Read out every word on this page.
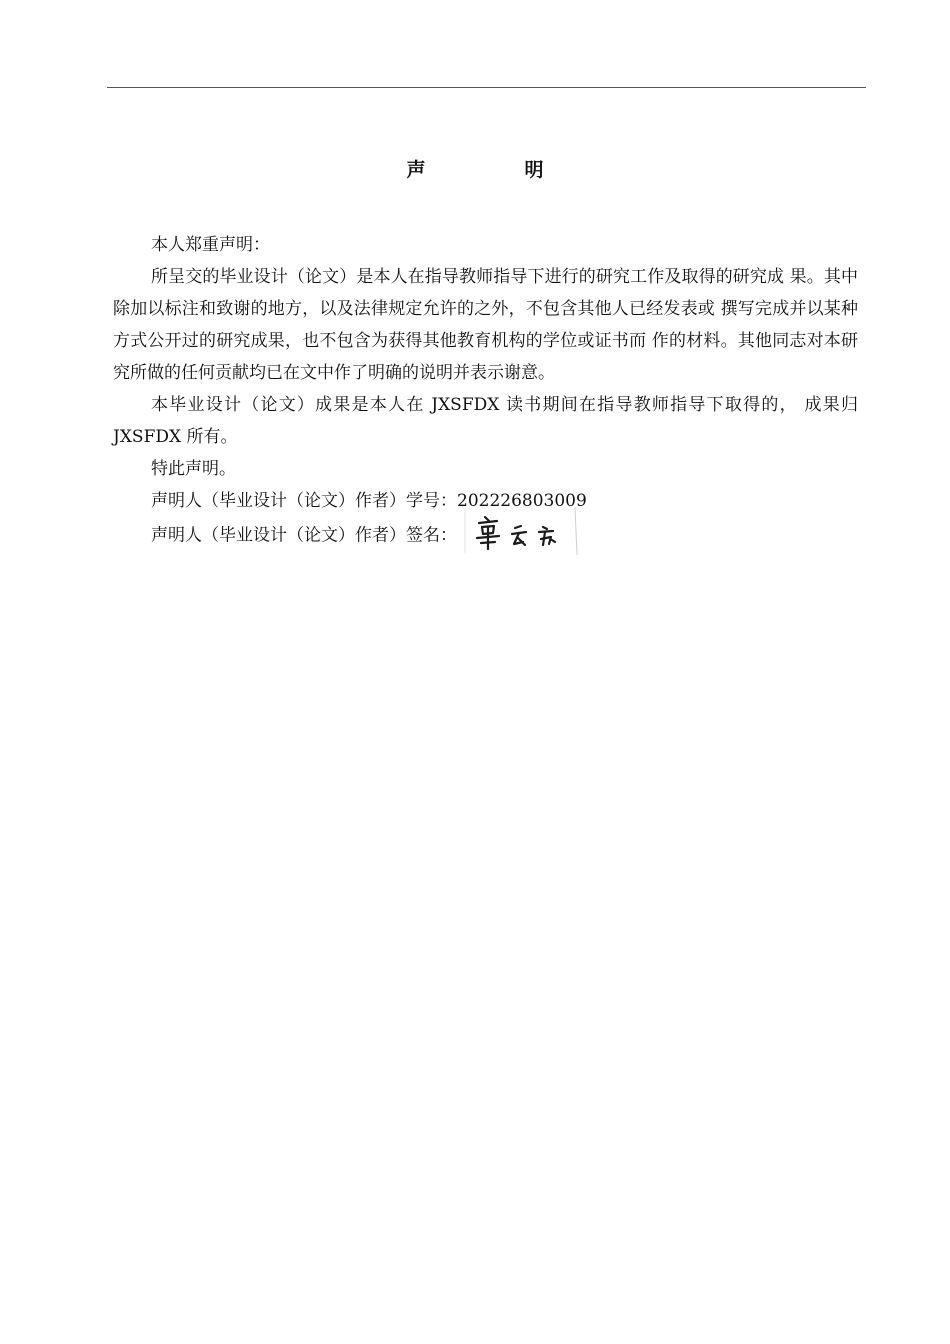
声　明

本人郑重声明：

所呈交的毕业设计（论文）是本人在指导教师指导下进行的研究工作及取得的研究成 果。其中除加以标注和致谢的地方，以及法律规定允许的之外，不包含其他人已经发表或 撰写完成并以某种方式公开过的研究成果，也不包含为获得其他教育机构的学位或证书而 作的材料。其他同志对本研究所做的任何贡献均已在文中作了明确的说明并表示谢意。

本毕业设计（论文）成果是本人在 JXSFDX 读书期间在指导教师指导下取得的， 成果归 JXSFDX 所有。

特此声明。

声明人（毕业设计（论文）作者）学号：202226803009

声明人（毕业设计（论文）作者）签名：
